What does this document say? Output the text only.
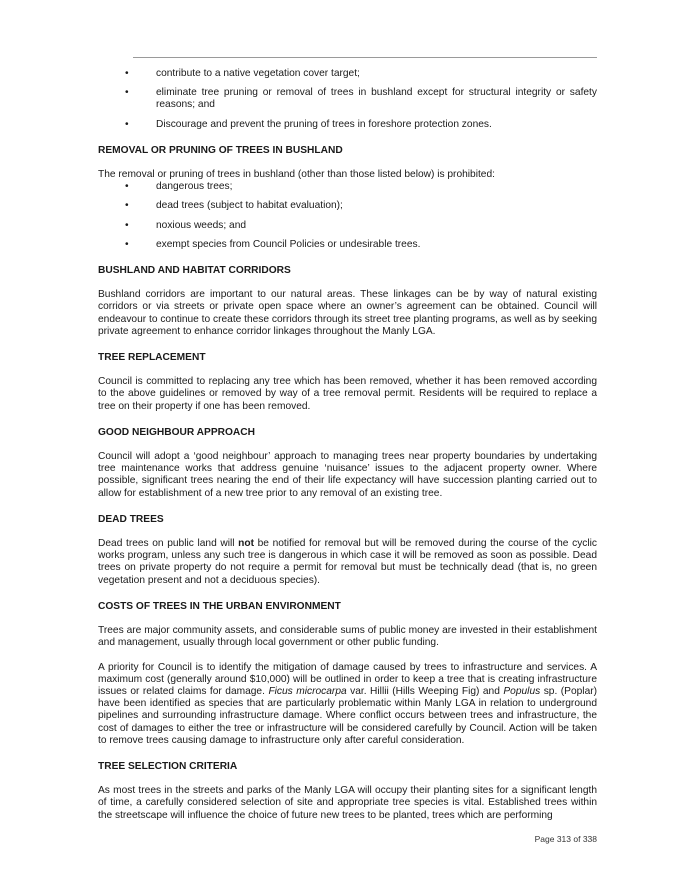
•	contribute to a native vegetation cover target;
•	eliminate tree pruning or removal of trees in bushland except for structural integrity or safety reasons; and
•	Discourage and prevent the pruning of trees in foreshore protection zones.
REMOVAL OR PRUNING OF TREES IN BUSHLAND

The removal or pruning of trees in bushland (other than those listed below) is prohibited:

•	dangerous trees;
•	dead trees (subject to habitat evaluation);
•	noxious weeds; and
•	exempt species from Council Policies or undesirable trees.
BUSHLAND AND HABITAT CORRIDORS

Bushland corridors are important to our natural areas. These linkages can be by way of natural existing corridors or via streets or private open space where an owner’s agreement can be obtained. Council will endeavour to continue to create these corridors through its street tree planting programs, as well as by seeking private agreement to enhance corridor linkages throughout the Manly LGA.

TREE REPLACEMENT

Council is committed to replacing any tree which has been removed, whether it has been removed according to the above guidelines or removed by way of a tree removal permit. Residents will be required to replace a tree on their property if one has been removed.

GOOD NEIGHBOUR APPROACH

Council will adopt a ‘good neighbour’ approach to managing trees near property boundaries by undertaking tree maintenance works that address genuine ‘nuisance’ issues to the adjacent property owner. Where possible, significant trees nearing the end of their life expectancy will have succession planting carried out to allow for establishment of a new tree prior to any removal of an existing tree.

DEAD TREES

Dead trees on public land will not be notified for removal but will be removed during the course of the cyclic works program, unless any such tree is dangerous in which case it will be removed as soon as possible. Dead trees on private property do not require a permit for removal but must be technically dead (that is, no green vegetation present and not a deciduous species).

COSTS OF TREES IN THE URBAN ENVIRONMENT

Trees are major community assets, and considerable sums of public money are invested in their establishment and management, usually through local government or other public funding.

A priority for Council is to identify the mitigation of damage caused by trees to infrastructure and services. A maximum cost (generally around $10,000) will be outlined in order to keep a tree that is creating infrastructure issues or related claims for damage. Ficus microcarpa var. Hillii (Hills Weeping Fig) and Populus sp. (Poplar) have been identified as species that are particularly problematic within Manly LGA in relation to underground pipelines and surrounding infrastructure damage. Where conflict occurs between trees and infrastructure, the cost of damages to either the tree or infrastructure will be considered carefully by Council. Action will be taken to remove trees causing damage to infrastructure only after careful consideration.

TREE SELECTION CRITERIA

As most trees in the streets and parks of the Manly LGA will occupy their planting sites for a significant length of time, a carefully considered selection of site and appropriate tree species is vital. Established trees within the streetscape will influence the choice of future new trees to be planted, trees which are performing

Page 313 of 338
